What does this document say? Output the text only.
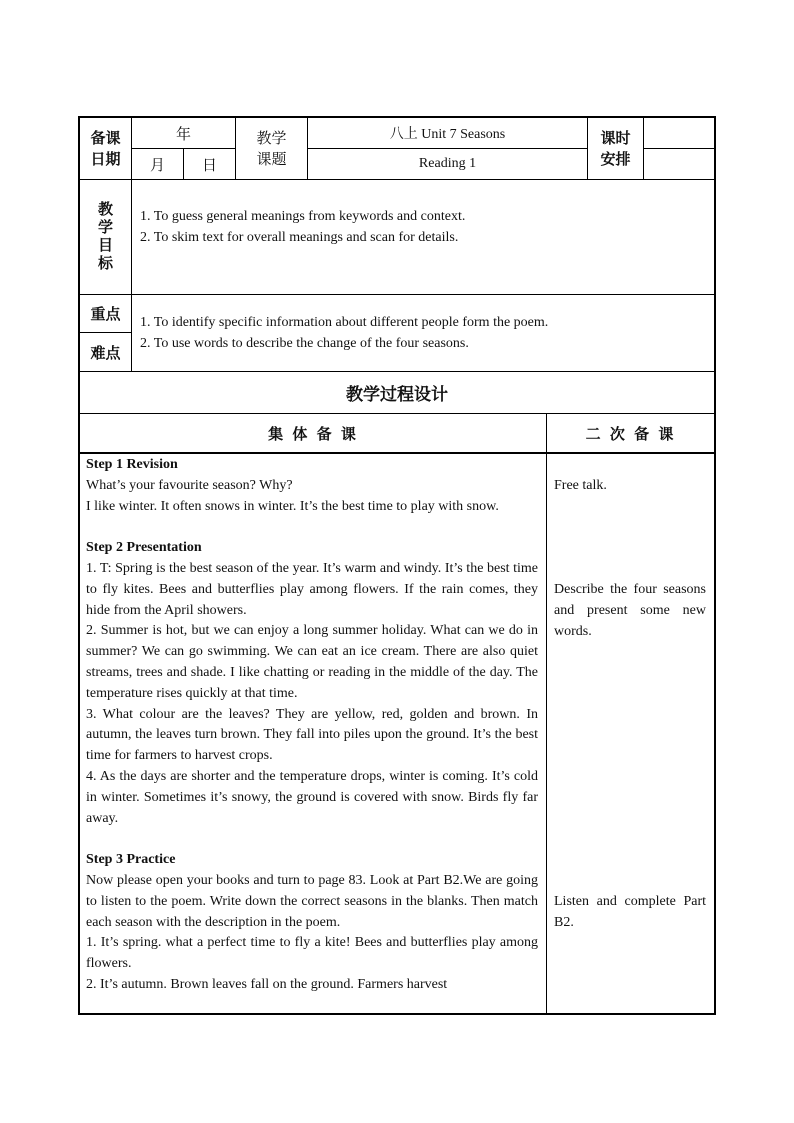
备课日期
年
月	日
教学课题
八上 Unit 7 Seasons
Reading 1
课时安排
教学目标 1. To guess general meanings from keywords and context.

2. To skim text for overall meanings and scan for details.

重点
难点

1. To identify specific information about different people form the poem.

2. To use words to describe the change of the four seasons.

教学过程设计
集 体 备 课	二 次 备 课

Step 1 Revision

What’s your favourite season? Why?

I like winter. It often snows in winter. It’s the best time to play with snow.

Step 2 Presentation

1. T: Spring is the best season of the year. It’s warm and windy. It’s the best time to fly kites. Bees and butterflies play among flowers. If the rain comes, they hide from the April showers.

2. Summer is hot, but we can enjoy a long summer holiday. What can we do in summer? We can go swimming. We can eat an ice cream. There are also quiet streams, trees and shade. I like chatting or reading in the middle of the day. The temperature rises quickly at that time.

3. What colour are the leaves? They are yellow, red, golden and brown. In autumn, the leaves turn brown. They fall into piles upon the ground. It’s the best time for farmers to harvest crops.

4. As the days are shorter and the temperature drops, winter is coming. It’s cold in winter. Sometimes it’s snowy, the ground is covered with snow. Birds fly far away.

Step 3 Practice

Now please open your books and turn to page 83. Look at Part B2.We are going to listen to the poem. Write down the correct seasons in the blanks. Then match each season with the description in the poem.

1. It’s spring. what a perfect time to fly a kite! Bees and butterflies play among flowers.

2. It’s autumn. Brown leaves fall on the ground. Farmers harvest

Free talk.
Describe the four seasons and present some new words.
Listen and complete Part B2.
